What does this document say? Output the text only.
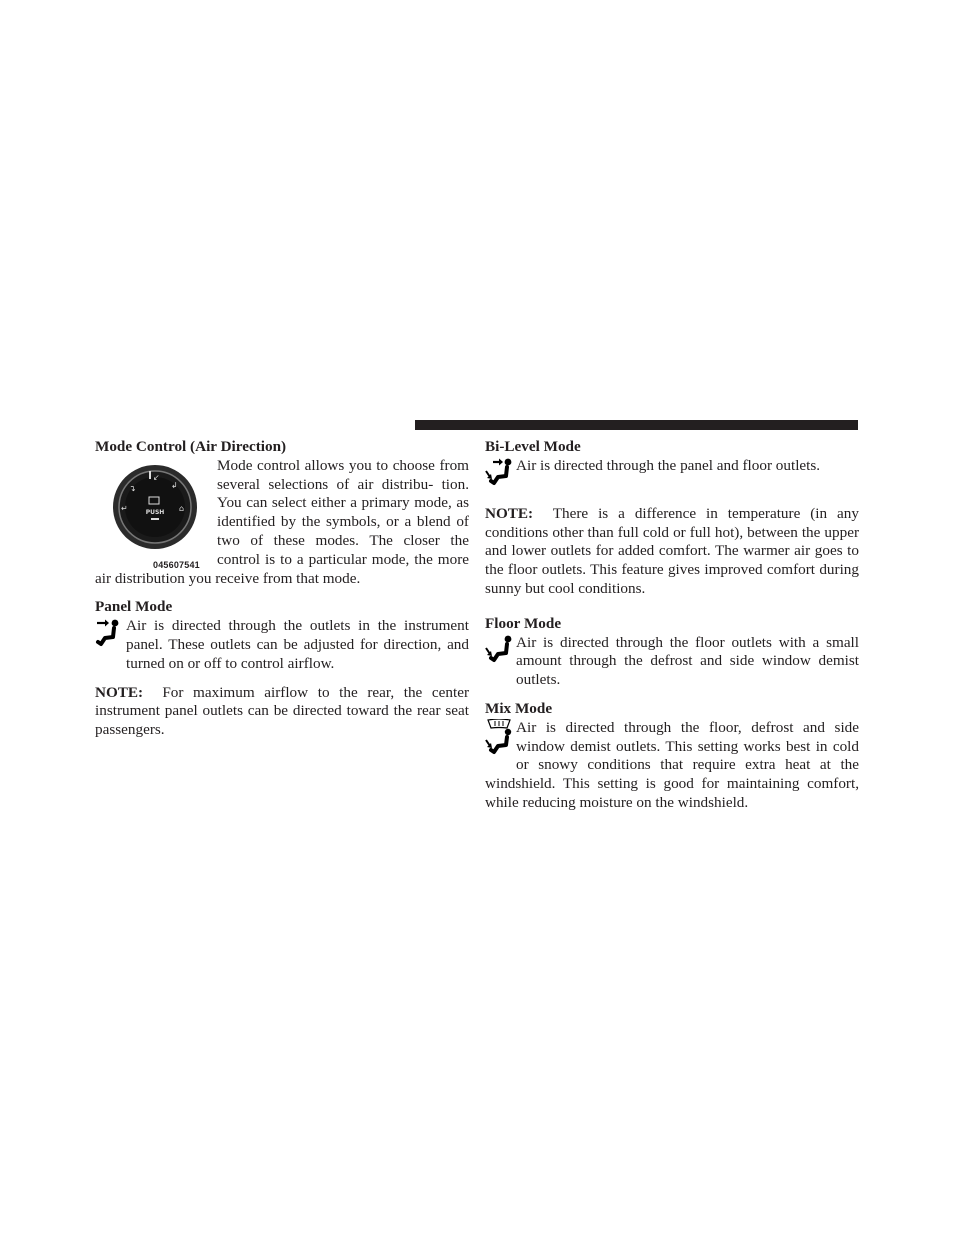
Mode Control (Air Direction)
↙
↴	↲
↵	⌂
PUSH
045607541

Mode control allows you to choose from several selections of air distribu- tion. You can select either a primary mode, as identified by the symbols, or a blend of two of these modes. The closer the control is to a particular mode, the more air distribution you receive from that mode.

Panel Mode

Air is directed through the outlets in the instrument panel. These outlets can be adjusted for direction, and turned on or off to control airflow.

NOTE: For maximum airflow to the rear, the center instrument panel outlets can be directed toward the rear seat passengers.

Bi-Level Mode

Air is directed through the panel and floor outlets.

NOTE: There is a difference in temperature (in any conditions other than full cold or full hot), between the upper and lower outlets for added comfort. The warmer air goes to the floor outlets. This feature gives improved comfort during sunny but cool conditions.

Floor Mode

Air is directed through the floor outlets with a small amount through the defrost and side window demist outlets.

Mix Mode

Air is directed through the floor, defrost and side window demist outlets. This setting works best in cold or snowy conditions that require extra heat at the windshield. This setting is good for maintaining comfort, while reducing moisture on the windshield.
